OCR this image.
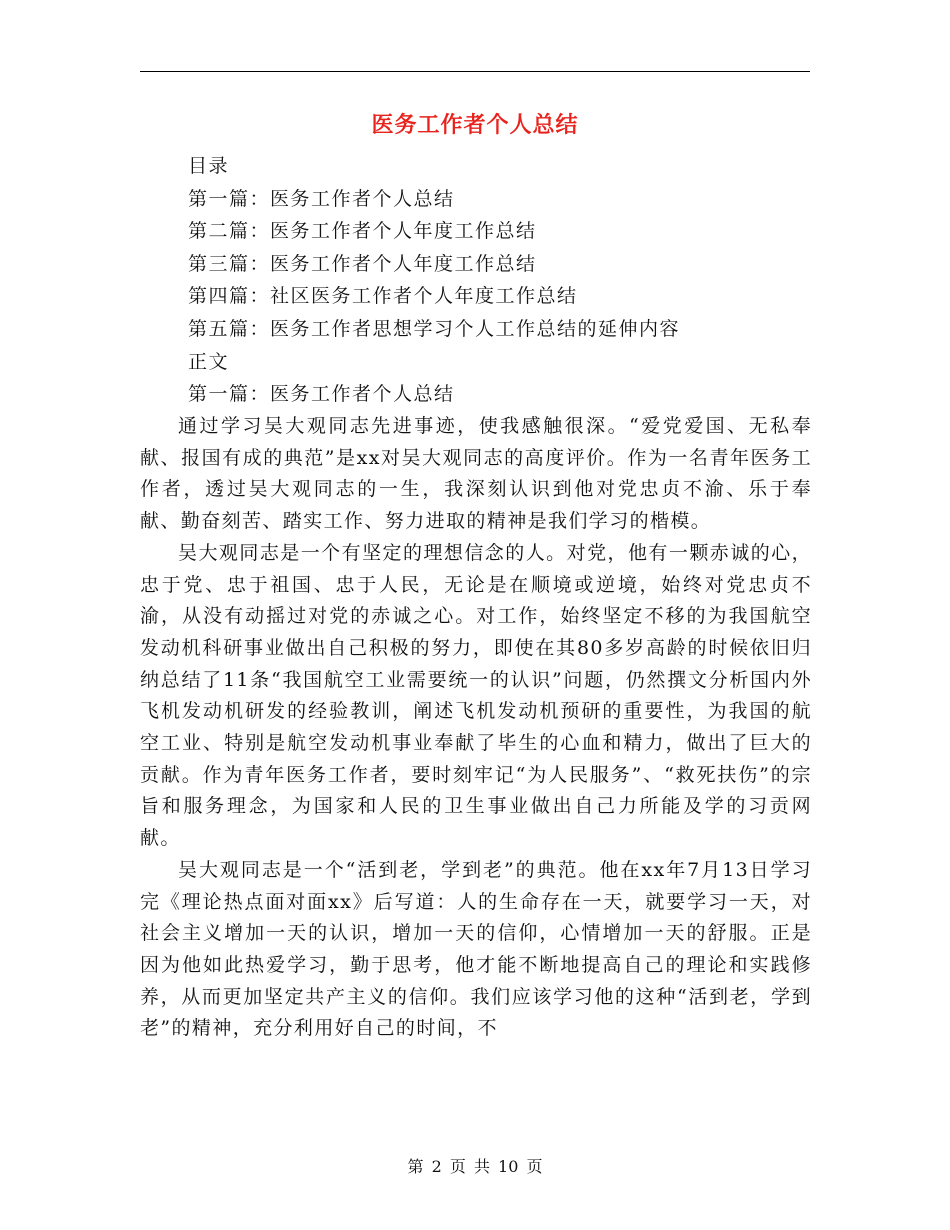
医务工作者个人总结
目录
第一篇：医务工作者个人总结
第二篇：医务工作者个人年度工作总结
第三篇：医务工作者个人年度工作总结
第四篇：社区医务工作者个人年度工作总结
第五篇：医务工作者思想学习个人工作总结的延伸内容
正文
第一篇：医务工作者个人总结

通过学习吴大观同志先进事迹，使我感触很深。“爱党爱国、无私奉献、报国有成的典范”是xx对吴大观同志的高度评价。作为一名青年医务工作者，透过吴大观同志的一生，我深刻认识到他对党忠贞不渝、乐于奉献、勤奋刻苦、踏实工作、努力进取的精神是我们学习的楷模。

吴大观同志是一个有坚定的理想信念的人。对党，他有一颗赤诚的心，忠于党、忠于祖国、忠于人民，无论是在顺境或逆境，始终对党忠贞不渝，从没有动摇过对党的赤诚之心。对工作，始终坚定不移的为我国航空发动机科研事业做出自己积极的努力，即使在其80多岁高龄的时候依旧归纳总结了11条“我国航空工业需要统一的认识”问题，仍然撰文分析国内外飞机发动机研发的经验教训，阐述飞机发动机预研的重要性，为我国的航空工业、特别是航空发动机事业奉献了毕生的心血和精力，做出了巨大的贡献。作为青年医务工作者，要时刻牢记“为人民服务”、“救死扶伤”的宗旨和服务理念，为国家和人民的卫生事业做出自己力所能及学的习贡网献。

吴大观同志是一个“活到老，学到老”的典范。他在xx年7月13日学习完《理论热点面对面xx》后写道：人的生命存在一天，就要学习一天，对社会主义增加一天的认识，增加一天的信仰，心情增加一天的舒服。正是因为他如此热爱学习，勤于思考，他才能不断地提高自己的理论和实践修养，从而更加坚定共产主义的信仰。我们应该学习他的这种“活到老，学到老”的精神，充分利用好自己的时间，不

第 2 页 共 10 页
